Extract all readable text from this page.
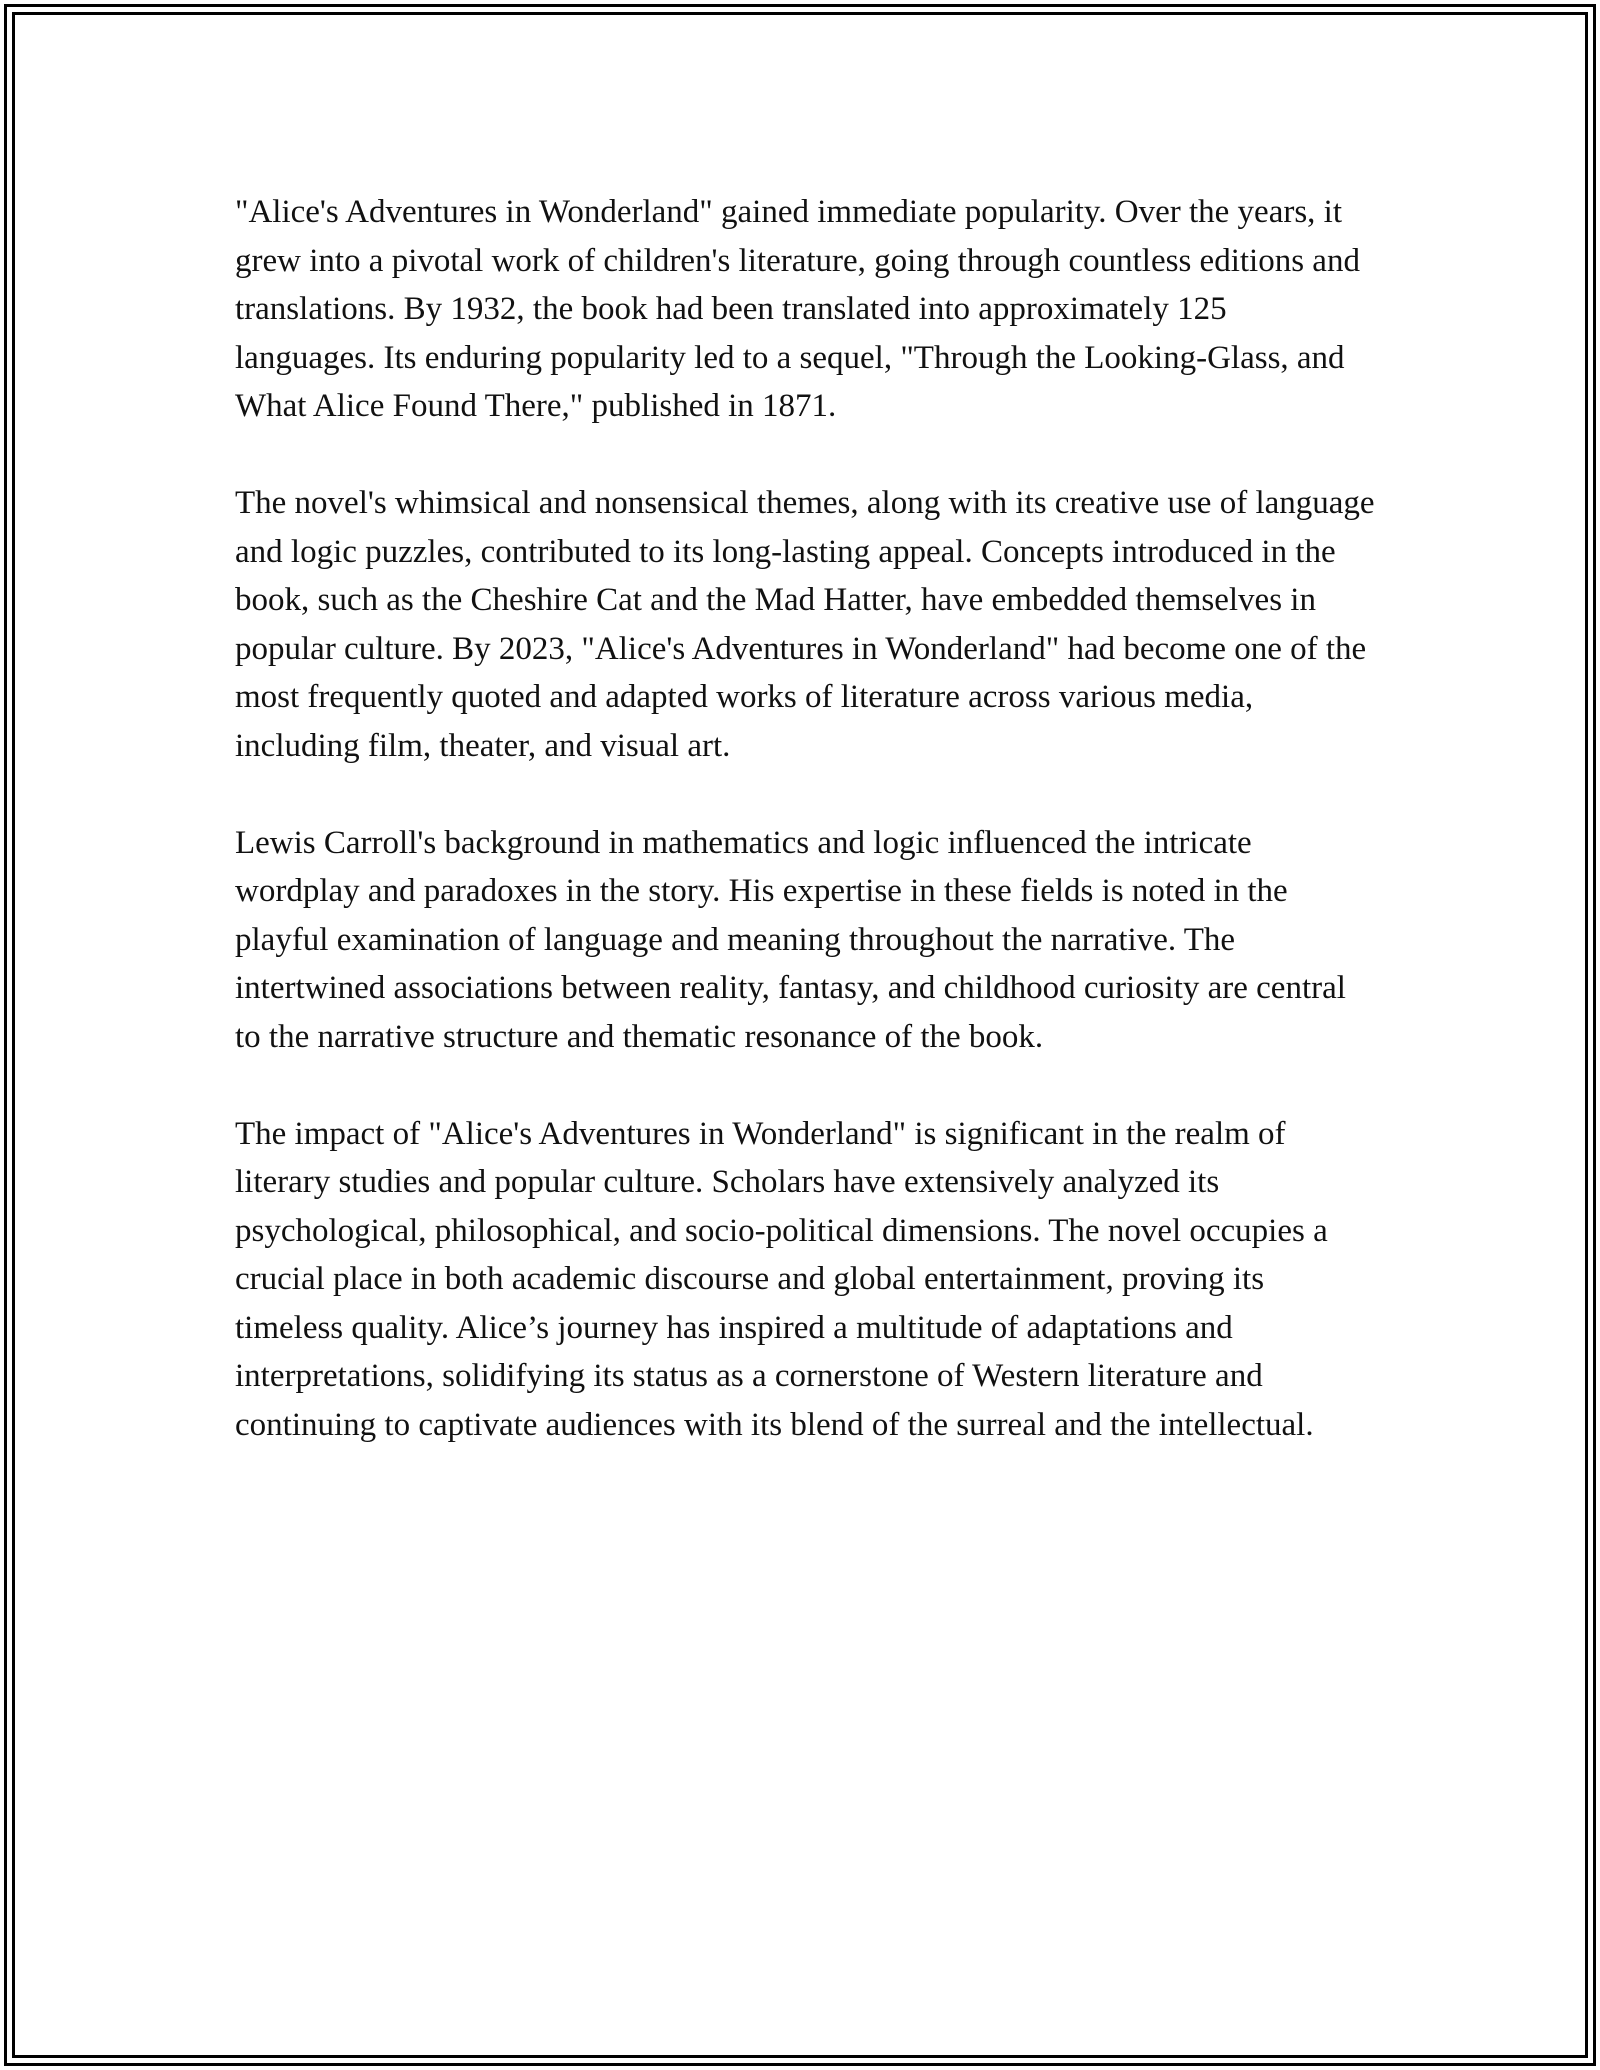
"Alice's Adventures in Wonderland" gained immediate popularity. Over the years, it grew into a pivotal work of children's literature, going through countless editions and translations. By 1932, the book had been translated into approximately 125 languages. Its enduring popularity led to a sequel, "Through the Looking-Glass, and What Alice Found There," published in 1871.

The novel's whimsical and nonsensical themes, along with its creative use of language and logic puzzles, contributed to its long-lasting appeal. Concepts introduced in the book, such as the Cheshire Cat and the Mad Hatter, have embedded themselves in popular culture. By 2023, "Alice's Adventures in Wonderland" had become one of the most frequently quoted and adapted works of literature across various media, including film, theater, and visual art.

Lewis Carroll's background in mathematics and logic influenced the intricate wordplay and paradoxes in the story. His expertise in these fields is noted in the playful examination of language and meaning throughout the narrative. The intertwined associations between reality, fantasy, and childhood curiosity are central to the narrative structure and thematic resonance of the book.

The impact of "Alice's Adventures in Wonderland" is significant in the realm of literary studies and popular culture. Scholars have extensively analyzed its psychological, philosophical, and socio-political dimensions. The novel occupies a crucial place in both academic discourse and global entertainment, proving its timeless quality. Alice’s journey has inspired a multitude of adaptations and interpretations, solidifying its status as a cornerstone of Western literature and continuing to captivate audiences with its blend of the surreal and the intellectual.
